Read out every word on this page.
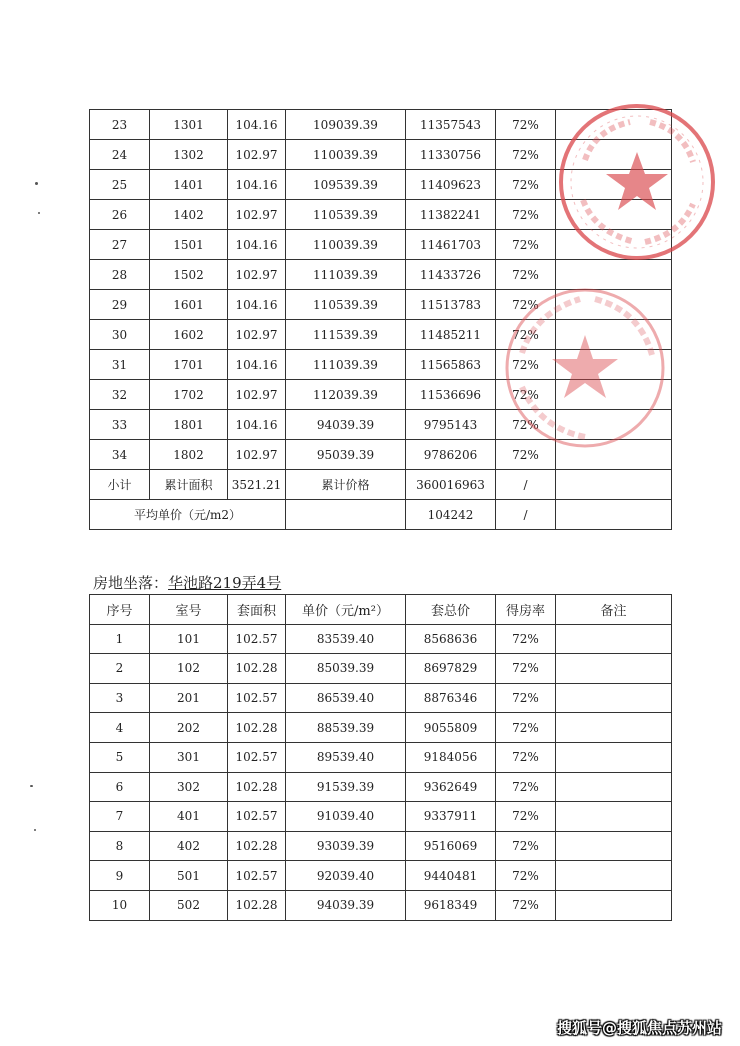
23	1301	104.16	109039.39	11357543	72%	
24	1302	102.97	110039.39	11330756	72%	
25	1401	104.16	109539.39	11409623	72%	
26	1402	102.97	110539.39	11382241	72%	
27	1501	104.16	110039.39	11461703	72%	
28	1502	102.97	111039.39	11433726	72%	
29	1601	104.16	110539.39	11513783	72%	
30	1602	102.97	111539.39	11485211	72%	
31	1701	104.16	111039.39	11565863	72%	
32	1702	102.97	112039.39	11536696	72%	
33	1801	104.16	94039.39	9795143	72%	
34	1802	102.97	95039.39	9786206	72%	
小计	累计面积	3521.21	累计价格	360016963	/	
平均单价（元/m2）				104242	/	
房地坐落：华池路219弄4号
序号	室号	套面积	单价（元/m²）	套总价	得房率	备注
1	101	102.57	83539.40	8568636	72%	
2	102	102.28	85039.39	8697829	72%	
3	201	102.57	86539.40	8876346	72%	
4	202	102.28	88539.39	9055809	72%	
5	301	102.57	89539.40	9184056	72%	
6	302	102.28	91539.39	9362649	72%	
7	401	102.57	91039.40	9337911	72%	
8	402	102.28	93039.39	9516069	72%	
9	501	102.57	92039.40	9440481	72%	
10	502	102.28	94039.39	9618349	72%	
搜狐号@搜狐焦点苏州站
